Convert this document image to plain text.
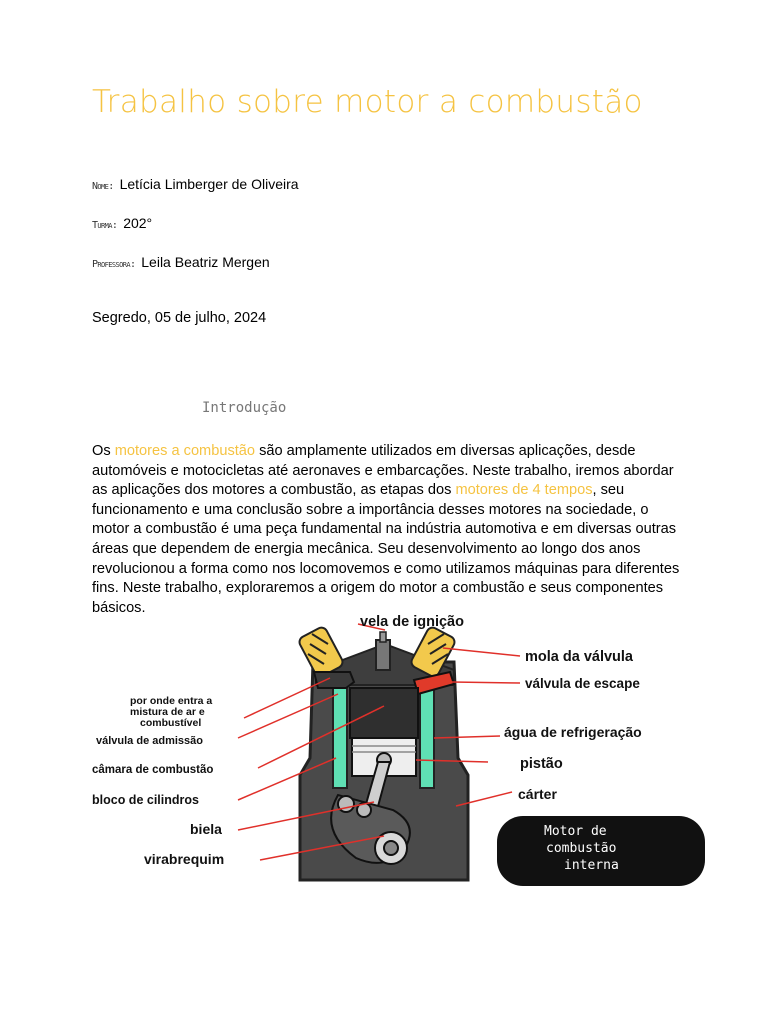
Trabalho sobre motor a combustão
Nome: Letícia Limberger de Oliveira
Turma: 202°
Professora: Leila Beatriz Mergen
Segredo, 05 de julho, 2024
Introdução
Os motores a combustão são amplamente utilizados em diversas aplicações, desde automóveis e motocicletas até aeronaves e embarcações. Neste trabalho, iremos abordar as aplicações dos motores a combustão, as etapas dos motores de 4 tempos, seu funcionamento e uma conclusão sobre a importância desses motores na sociedade, o motor a combustão é uma peça fundamental na indústria automotiva e em diversas outras áreas que dependem de energia mecânica. Seu desenvolvimento ao longo dos anos revolucionou a forma como nos locomovemos e como utilizamos máquinas para diferentes fins. Neste trabalho, exploraremos a origem do motor a combustão e seus componentes básicos.
vela de ignição
mola da válvula
válvula de escape
água de refrigeração
pistão
cárter
por onde entra a
mistura de ar e
combustível
válvula de admissão
câmara de combustão
bloco de cilindros
biela
virabrequim
Motor de
combustão
interna
